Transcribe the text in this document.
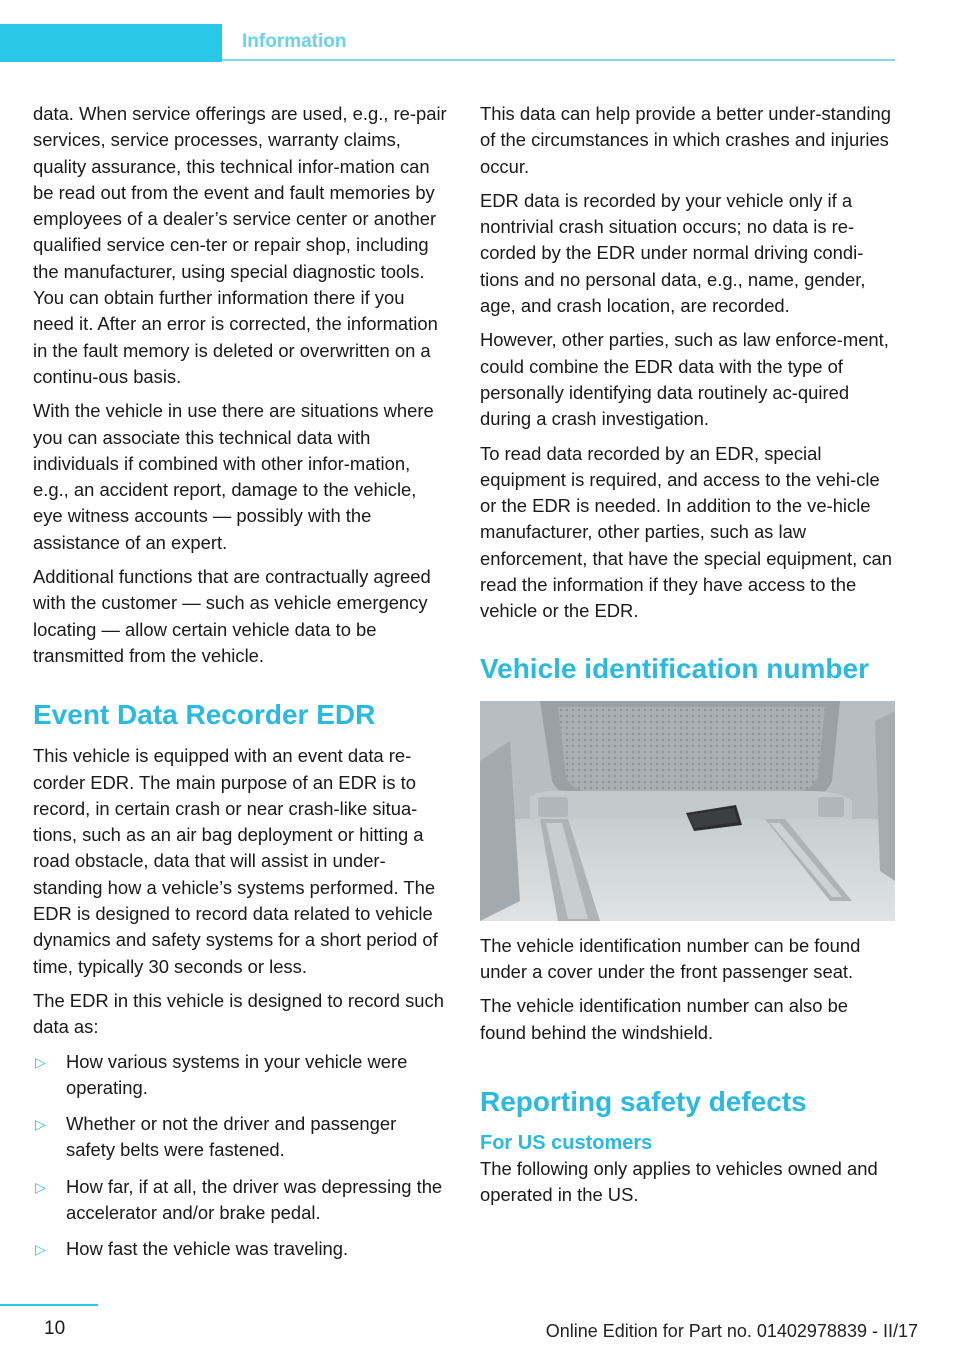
Information

data. When service offerings are used, e.g., re‐pair services, service processes, warranty claims, quality assurance, this technical infor‐mation can be read out from the event and fault memories by employees of a dealer’s service center or another qualified service cen‐ter or repair shop, including the manufacturer, using special diagnostic tools. You can obtain further information there if you need it. After an error is corrected, the information in the fault memory is deleted or overwritten on a continu‐ous basis.

With the vehicle in use there are situations where you can associate this technical data with individuals if combined with other infor‐mation, e.g., an accident report, damage to the vehicle, eye witness accounts — possibly with the assistance of an expert.

Additional functions that are contractually agreed with the customer — such as vehicle emergency locating — allow certain vehicle data to be transmitted from the vehicle.

Event Data Recorder EDR

This vehicle is equipped with an event data re‐corder EDR. The main purpose of an EDR is to record, in certain crash or near crash-like situa‐tions, such as an air bag deployment or hitting a road obstacle, data that will assist in under‐standing how a vehicle’s systems performed. The EDR is designed to record data related to vehicle dynamics and safety systems for a short period of time, typically 30 seconds or less.

The EDR in this vehicle is designed to record such data as:

▷ How various systems in your vehicle were operating.
▷ Whether or not the driver and passenger safety belts were fastened.
▷ How far, if at all, the driver was depressing the accelerator and/or brake pedal.
▷ How fast the vehicle was traveling.

This data can help provide a better under‐standing of the circumstances in which crashes and injuries occur.

EDR data is recorded by your vehicle only if a nontrivial crash situation occurs; no data is re‐corded by the EDR under normal driving condi‐tions and no personal data, e.g., name, gender, age, and crash location, are recorded.

However, other parties, such as law enforce‐ment, could combine the EDR data with the type of personally identifying data routinely ac‐quired during a crash investigation.

To read data recorded by an EDR, special equipment is required, and access to the vehi‐cle or the EDR is needed. In addition to the ve‐hicle manufacturer, other parties, such as law enforcement, that have the special equipment, can read the information if they have access to the vehicle or the EDR.

Vehicle identification number

The vehicle identification number can be found under a cover under the front passenger seat.

The vehicle identification number can also be found behind the windshield.

Reporting safety defects
For US customers

The following only applies to vehicles owned and operated in the US.

10	Online Edition for Part no. 01402978839 - II/17
